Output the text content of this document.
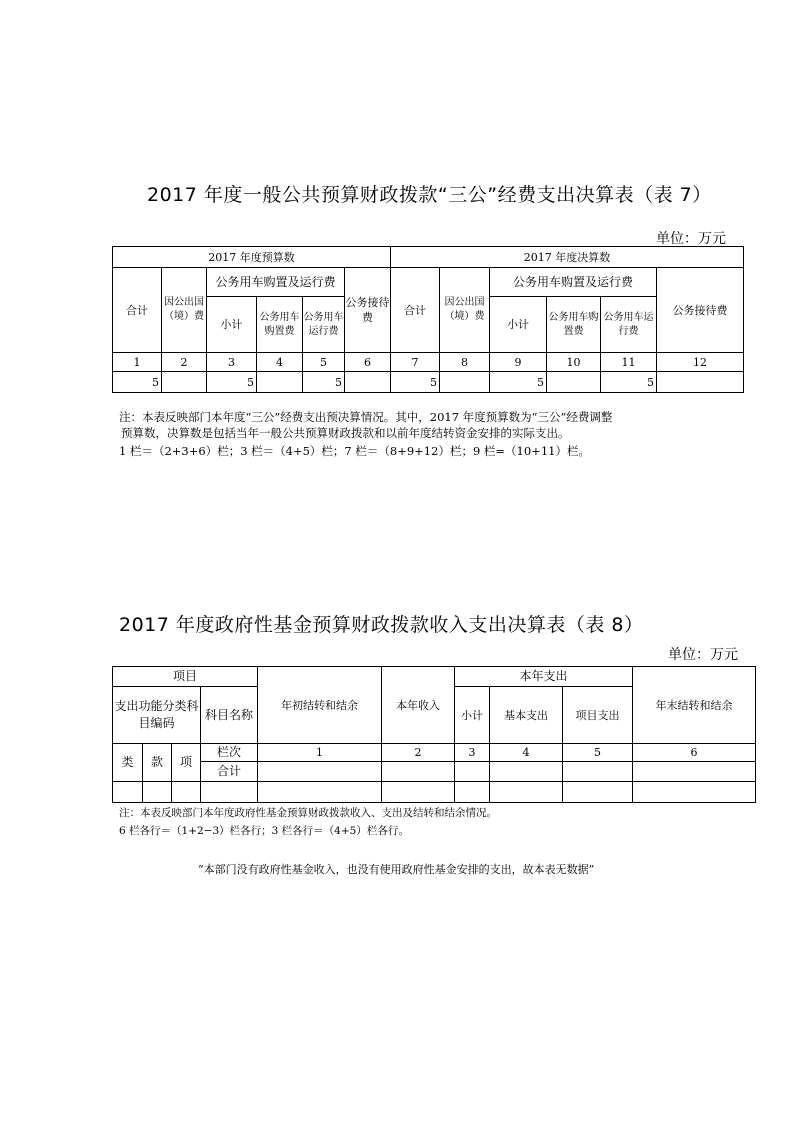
2017 年度一般公共预算财政拨款“三公”经费支出决算表（表 7）
单位：万元
2017 年度预算数						2017 年度决算数					
合计	因公出国（境）费	公务用车购置及运行费			公务接待费	合计	因公出国（境）费	公务用车购置及运行费			公务接待费
		小计	公务用车购置费	公务用车运行费				小计	公务用车购置费	公务用车运行费	
1	2	3	4	5	6	7	8	9	10	11	12
5		5		5		5		5		5	
注：本表反映部门本年度“三公”经费支出预决算情况。其中，2017 年度预算数为“三公”经费调整
预算数，决算数是包括当年一般公共预算财政拨款和以前年度结转资金安排的实际支出。
1 栏＝（2+3+6）栏；3 栏＝（4+5）栏；7 栏＝（8+9+12）栏；9 栏=（10+11）栏。
2017 年度政府性基金预算财政拨款收入支出决算表（表 8）
单位：万元
项目				年初结转和结余	本年收入	本年支出			年末结转和结余
支出功能分类科目编码			科目名称			小计	基本支出	项目支出	
类	款	项	栏次	1	2	3	4	5	6
			合计						

注：本表反映部门本年度政府性基金预算财政拨款收入、支出及结转和结余情况。
6 栏各行＝（1+2−3）栏各行；3 栏各行＝（4+5）栏各行。
“本部门没有政府性基金收入，也没有使用政府性基金安排的支出，故本表无数据”
